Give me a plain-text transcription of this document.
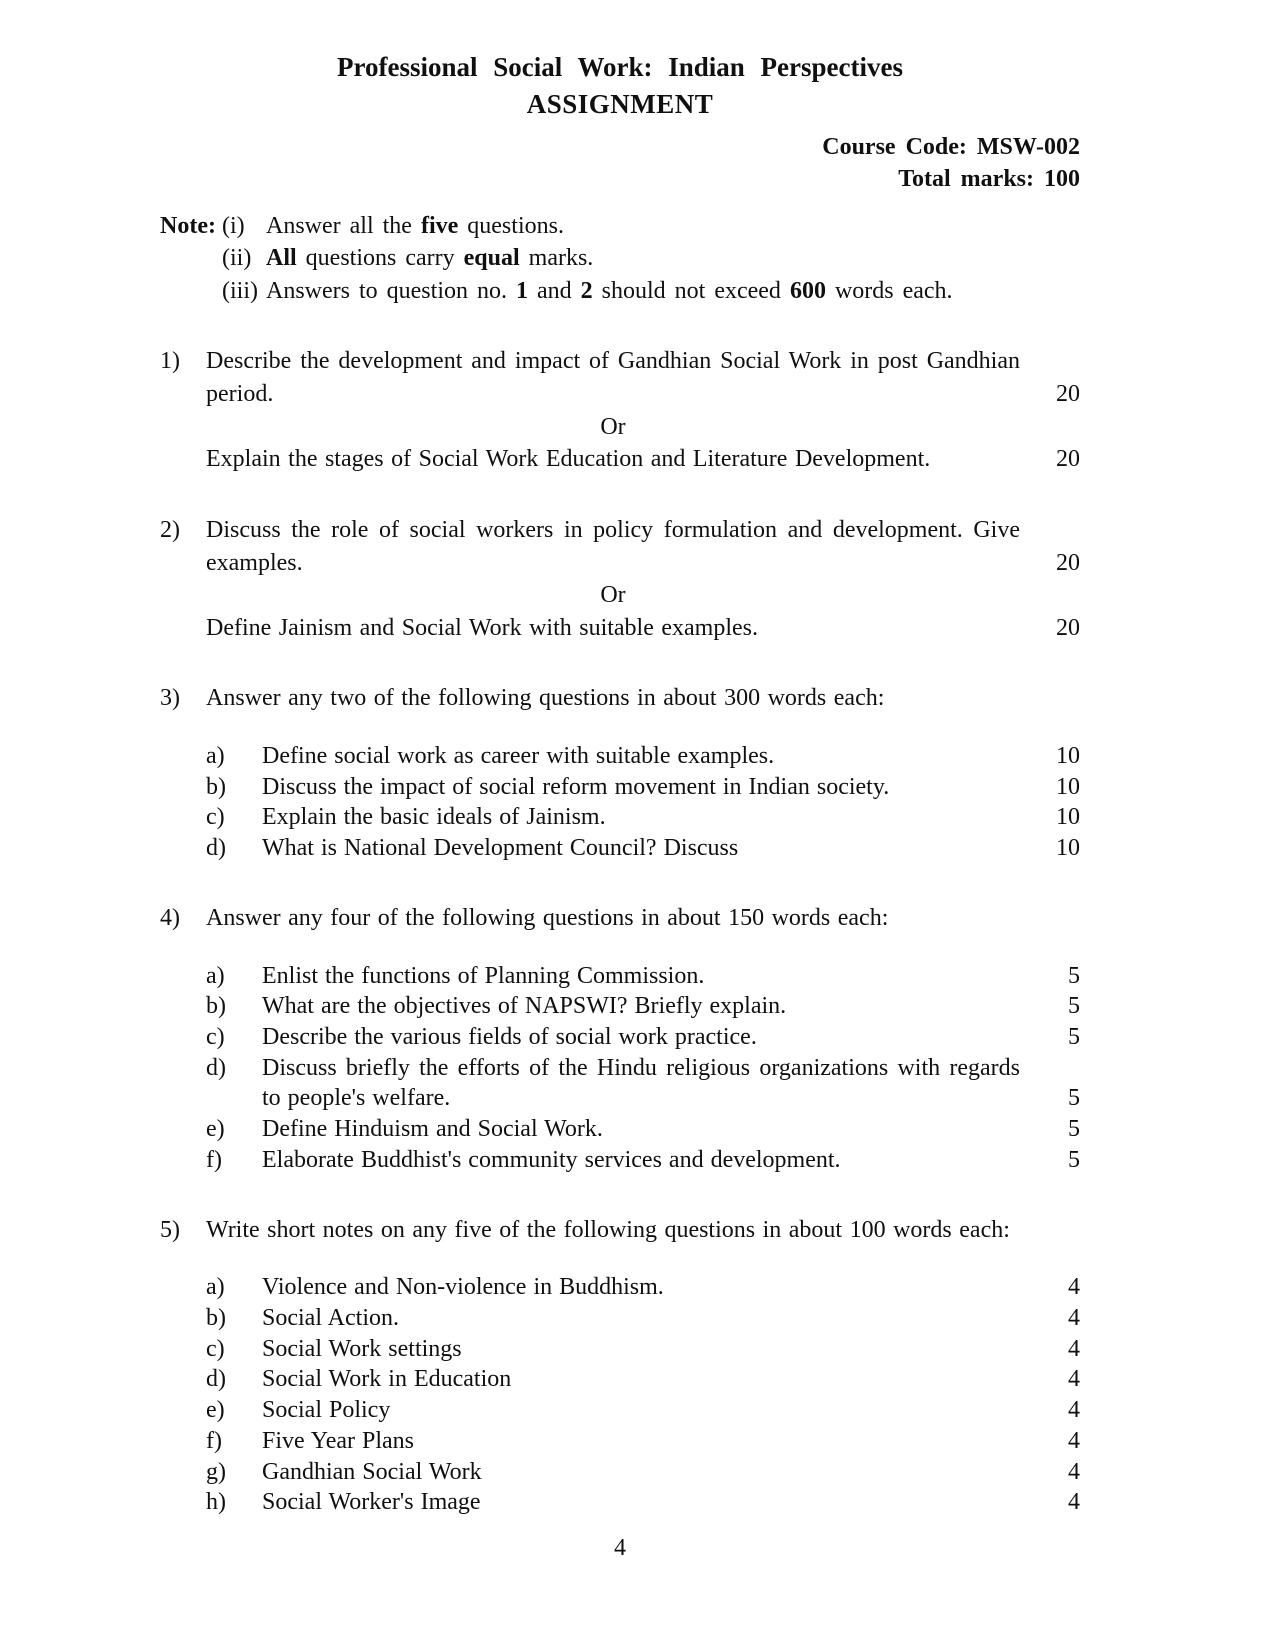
Professional Social Work: Indian Perspectives
ASSIGNMENT
Course Code: MSW-002
Total marks: 100
Note: (i) Answer all the five questions.
(ii) All questions carry equal marks.
(iii) Answers to question no. 1 and 2 should not exceed 600 words each.
1)	Describe the development and impact of Gandhian Social Work in post Gandhian period.	20
Or
Explain the stages of Social Work Education and Literature Development.	20
2)	Discuss the role of social workers in policy formulation and development. Give examples.	20
Or
Define Jainism and Social Work with suitable examples.	20
3)	Answer any two of the following questions in about 300 words each:
a)	Define social work as career with suitable examples.	10
b)	Discuss the impact of social reform movement in Indian society.	10
c)	Explain the basic ideals of Jainism.	10
d)	What is National Development Council? Discuss	10
4)	Answer any four of the following questions in about 150 words each:
a)	Enlist the functions of Planning Commission.	5
b)	What are the objectives of NAPSWI? Briefly explain.	5
c)	Describe the various fields of social work practice.	5
d)	Discuss briefly the efforts of the Hindu religious organizations with regards to people's welfare.	5
e)	Define Hinduism and Social Work.	5
f)	Elaborate Buddhist's community services and development.	5
5)	Write short notes on any five of the following questions in about 100 words each:
a)	Violence and Non-violence in Buddhism.	4
b)	Social Action.	4
c)	Social Work settings	4
d)	Social Work in Education	4
e)	Social Policy	4
f)	Five Year Plans	4
g)	Gandhian Social Work	4
h)	Social Worker's Image	4
4
